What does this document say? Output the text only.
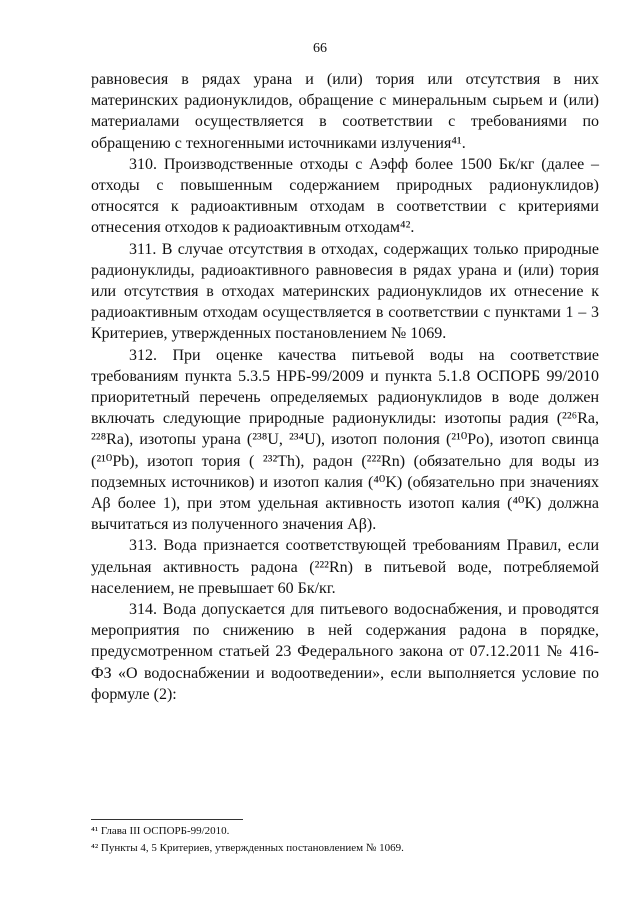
66

равновесия в рядах урана и (или) тория или отсутствия в них материнских радионуклидов, обращение с минеральным сырьем и (или) материалами осуществляется в соответствии с требованиями по обращению с техногенными источниками излучения⁴¹.

310. Производственные отходы с Aэфф более 1500 Бк/кг (далее – отходы с повышенным содержанием природных радионуклидов) относятся к радиоактивным отходам в соответствии с критериями отнесения отходов к радиоактивным отходам⁴².

311. В случае отсутствия в отходах, содержащих только природные радионуклиды, радиоактивного равновесия в рядах урана и (или) тория или отсутствия в отходах материнских радионуклидов их отнесение к радиоактивным отходам осуществляется в соответствии с пунктами 1 – 3 Критериев, утвержденных постановлением № 1069.

312. При оценке качества питьевой воды на соответствие требованиям пункта 5.3.5 НРБ-99/2009 и пункта 5.1.8 ОСПОРБ 99/2010 приоритетный перечень определяемых радионуклидов в воде должен включать следующие природные радионуклиды: изотопы радия (²²⁶Ra, ²²⁸Ra), изотопы урана (²³⁸U, ²³⁴U), изотоп полония (²¹⁰Po), изотоп свинца (²¹⁰Pb), изотоп тория ( ²³²Th), радон (²²²Rn) (обязательно для воды из подземных источников) и изотоп калия (⁴⁰K) (обязательно при значениях Aβ более 1), при этом удельная активность изотоп калия (⁴⁰K) должна вычитаться из полученного значения Aβ).

313. Вода признается соответствующей требованиям Правил, если удельная активность радона (²²²Rn) в питьевой воде, потребляемой населением, не превышает 60 Бк/кг.

314. Вода допускается для питьевого водоснабжения, и проводятся мероприятия по снижению в ней содержания радона в порядке, предусмотренном статьей 23 Федерального закона от 07.12.2011 № 416-ФЗ «О водоснабжении и водоотведении», если выполняется условие по формуле (2):

⁴¹ Глава III ОСПОРБ-99/2010.

⁴² Пункты 4, 5 Критериев, утвержденных постановлением № 1069.
